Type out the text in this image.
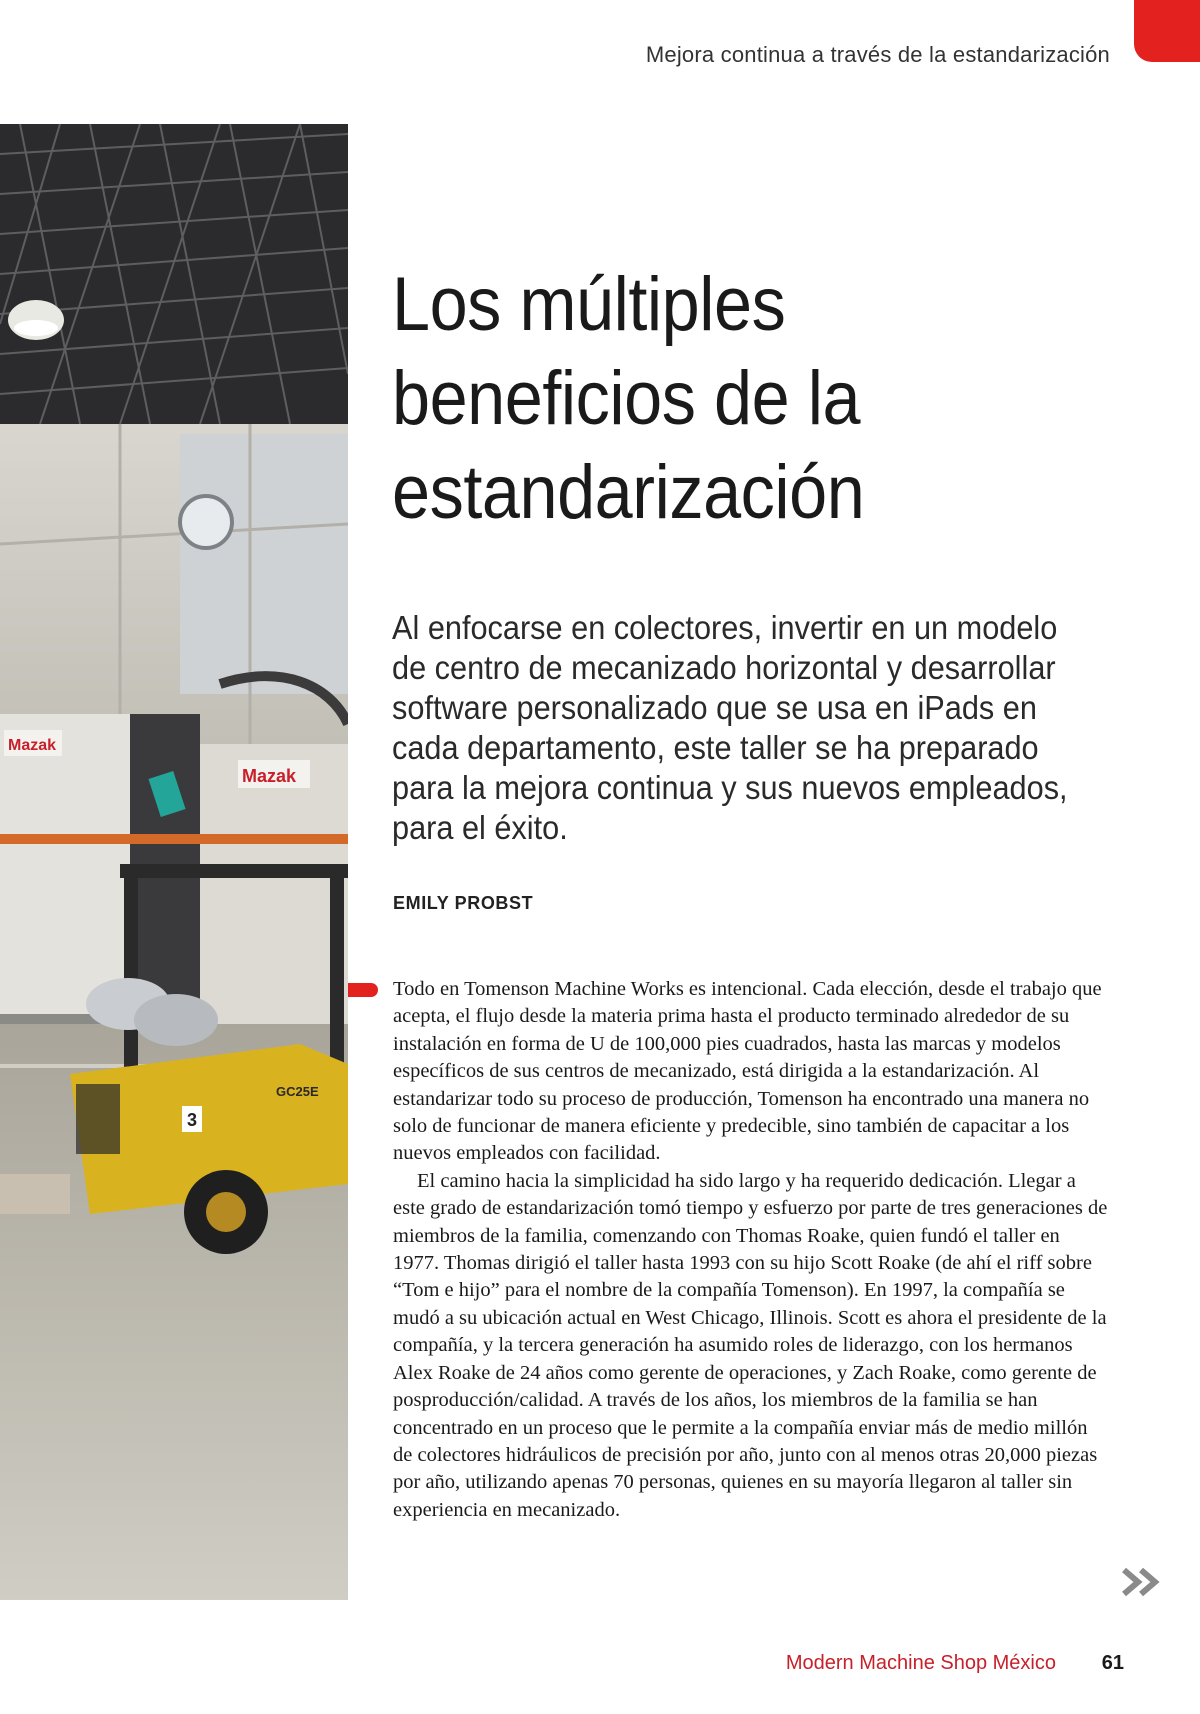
Mejora continua a través de la estandarización
Mazak
Mazak
3
GC25E
Los múltiples beneficios de la estandarización

Al enfocarse en colectores, invertir en un modelo de centro de mecanizado horizontal y desarrollar software personalizado que se usa en iPads en cada departamento, este taller se ha preparado para la mejora continua y sus nuevos empleados, para el éxito.

EMILY PROBST

Todo en Tomenson Machine Works es intencional. Cada elección, desde el trabajo que acepta, el flujo desde la materia prima hasta el producto terminado alrededor de su instalación en forma de U de 100,000 pies cuadrados, hasta las marcas y modelos específicos de sus centros de mecanizado, está dirigida a la estandarización. Al estandarizar todo su proceso de producción, Tomenson ha encontrado una manera no solo de funcionar de manera eficiente y predecible, sino también de capacitar a los nuevos empleados con facilidad.

El camino hacia la simplicidad ha sido largo y ha requerido dedicación. Llegar a este grado de estandarización tomó tiempo y esfuerzo por parte de tres generaciones de miembros de la familia, comenzando con Thomas Roake, quien fundó el taller en 1977. Thomas dirigió el taller hasta 1993 con su hijo Scott Roake (de ahí el riff sobre “Tom e hijo” para el nombre de la compañía Tomenson). En 1997, la compañía se mudó a su ubicación actual en West Chicago, Illinois. Scott es ahora el presidente de la compañía, y la tercera generación ha asumido roles de liderazgo, con los hermanos Alex Roake de 24 años como gerente de operaciones, y Zach Roake, como gerente de posproducción/calidad. A través de los años, los miembros de la familia se han concentrado en un proceso que le permite a la compañía enviar más de medio millón de colectores hidráulicos de precisión por año, junto con al menos otras 20,000 piezas por año, utilizando apenas 70 personas, quienes en su mayoría llegaron al taller sin experiencia en mecanizado.

Modern Machine Shop México 61
